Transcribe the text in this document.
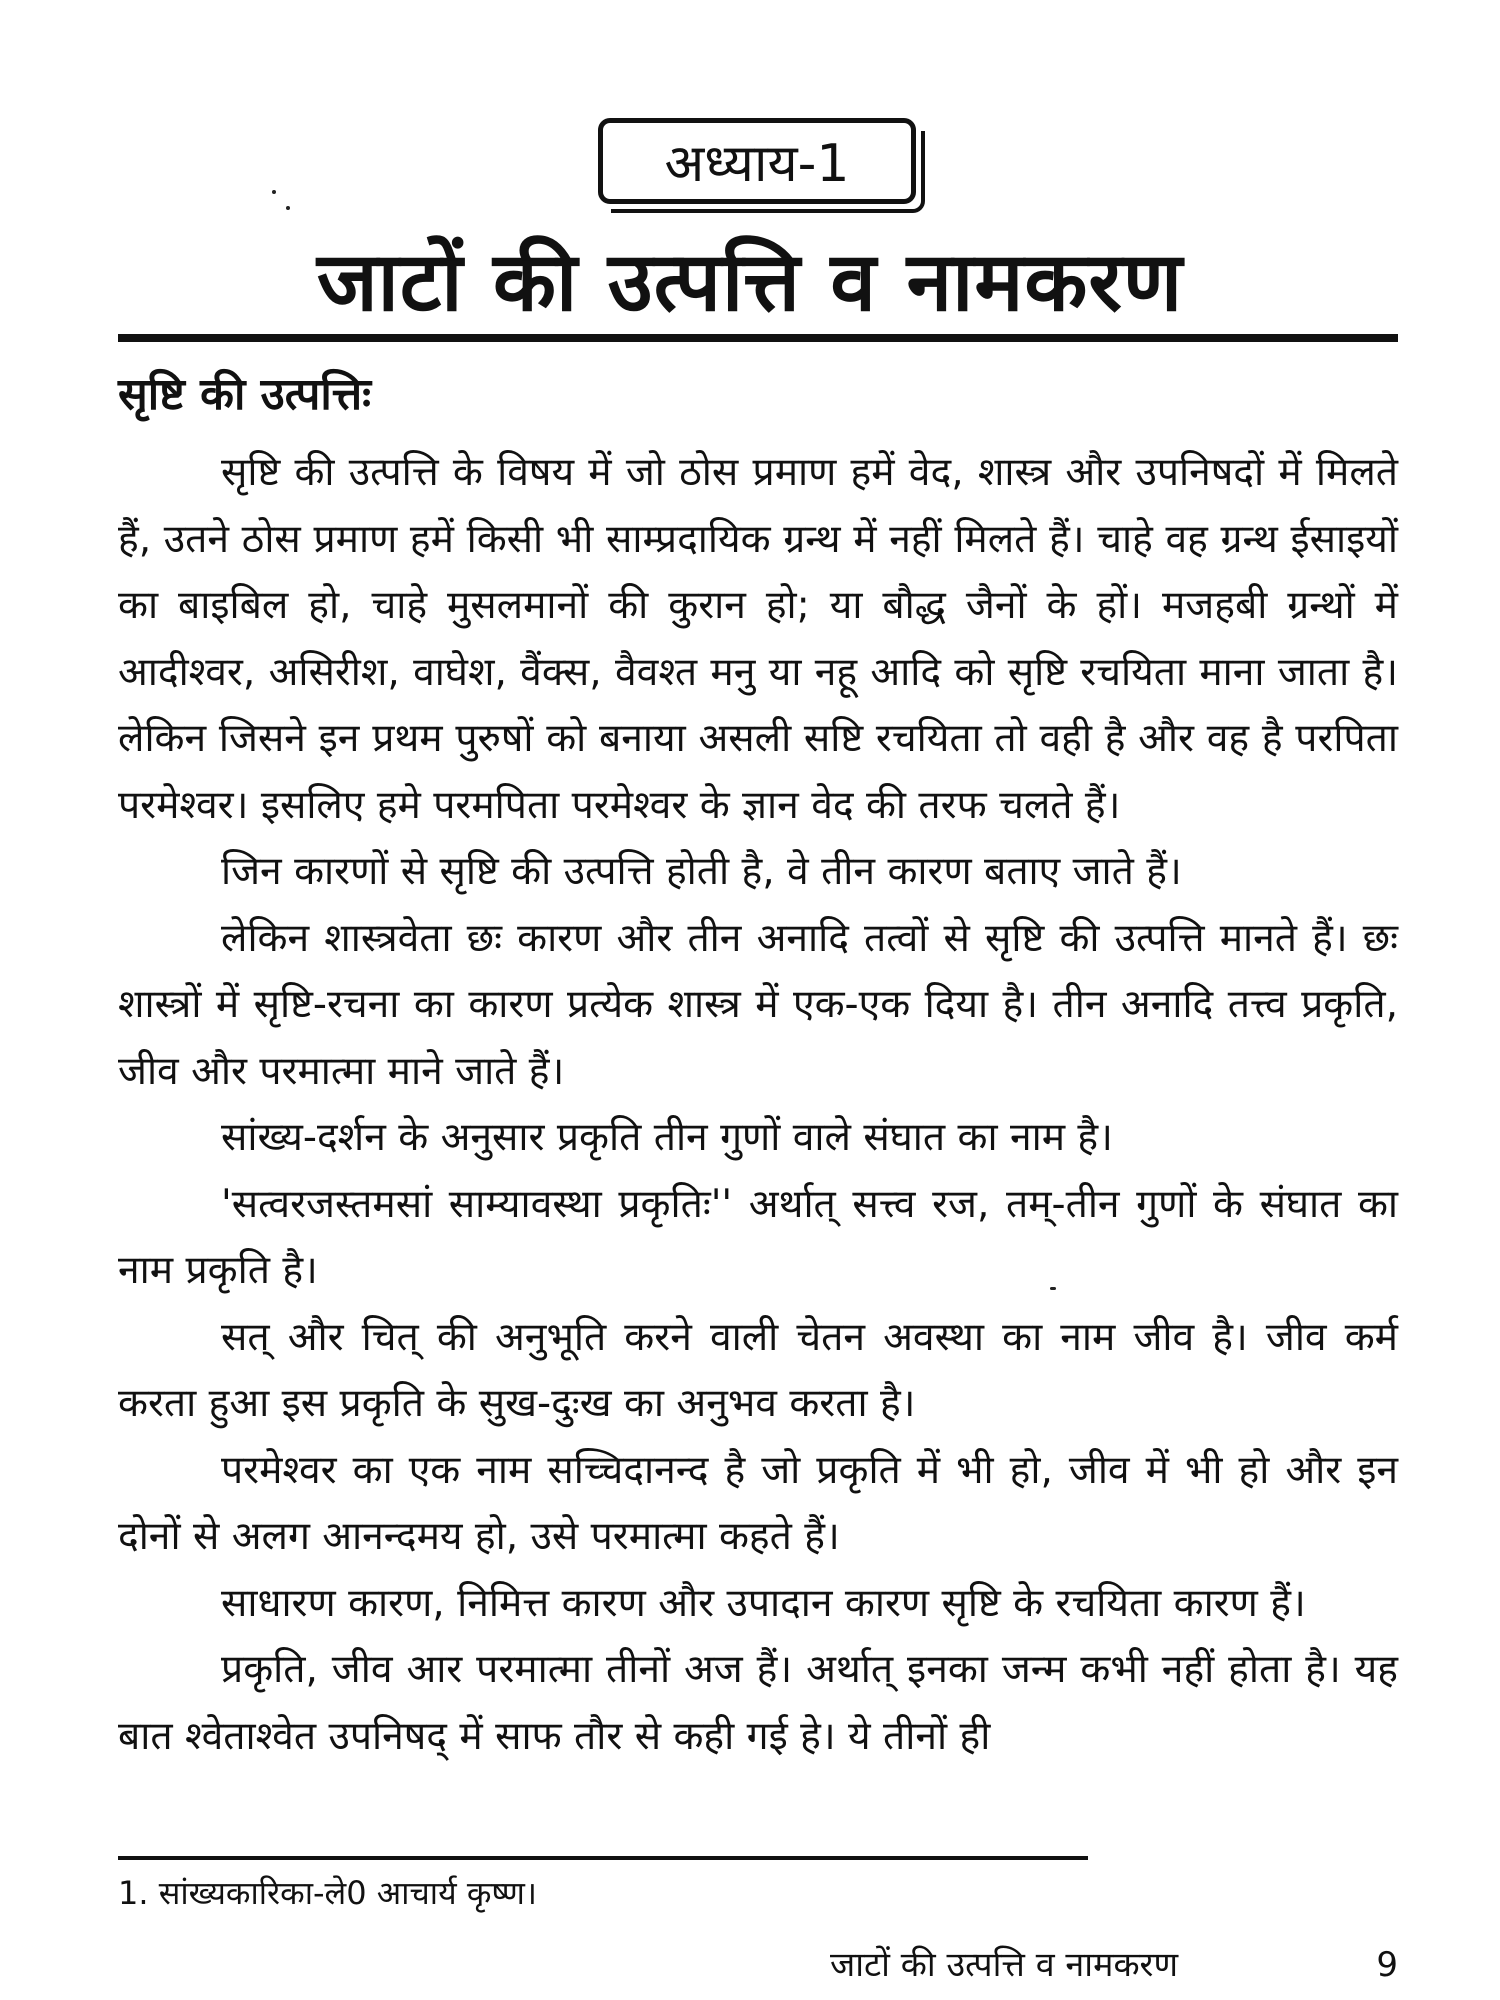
अध्याय-1
जाटों की उत्पत्ति व नामकरण
सृष्टि की उत्पत्तिः

सृष्टि की उत्पत्ति के विषय में जो ठोस प्रमाण हमें वेद, शास्त्र और उपनिषदों में मिलते हैं, उतने ठोस प्रमाण हमें किसी भी साम्प्रदायिक ग्रन्थ में नहीं मिलते हैं। चाहे वह ग्रन्थ ईसाइयों का बाइबिल हो, चाहे मुसलमानों की कुरान हो; या बौद्ध जैनों के हों। मजहबी ग्रन्थों में आदीश्वर, असिरीश, वाघेश, वैंक्स, वैवश्त मनु या नहू आदि को सृष्टि रचयिता माना जाता है। लेकिन जिसने इन प्रथम पुरुषों को बनाया असली सष्टि रचयिता तो वही है और वह है परपिता परमेश्वर। इसलिए हमे परमपिता परमेश्वर के ज्ञान वेद की तरफ चलते हैं।

जिन कारणों से सृष्टि की उत्पत्ति होती है, वे तीन कारण बताए जाते हैं।

लेकिन शास्त्रवेता छः कारण और तीन अनादि तत्वों से सृष्टि की उत्पत्ति मानते हैं। छः शास्त्रों में सृष्टि-रचना का कारण प्रत्येक शास्त्र में एक-एक दिया है। तीन अनादि तत्त्व प्रकृति, जीव और परमात्मा माने जाते हैं।

सांख्य-दर्शन के अनुसार प्रकृति तीन गुणों वाले संघात का नाम है।

'सत्वरजस्तमसां साम्यावस्था प्रकृतिः'' अर्थात् सत्त्व रज, तम्-तीन गुणों के संघात का नाम प्रकृति है।

सत् और चित् की अनुभूति करने वाली चेतन अवस्था का नाम जीव है। जीव कर्म करता हुआ इस प्रकृति के सुख-दुःख का अनुभव करता है।

परमेश्वर का एक नाम सच्चिदानन्द है जो प्रकृति में भी हो, जीव में भी हो और इन दोनों से अलग आनन्दमय हो, उसे परमात्मा कहते हैं।

साधारण कारण, निमित्त कारण और उपादान कारण सृष्टि के रचयिता कारण हैं।

प्रकृति, जीव आर परमात्मा तीनों अज हैं। अर्थात् इनका जन्म कभी नहीं होता है। यह बात श्वेताश्वेत उपनिषद् में साफ तौर से कही गई हे। ये तीनों ही

1. सांख्यकारिका-ले0 आचार्य कृष्ण।
जाटों की उत्पत्ति व नामकरण	9
